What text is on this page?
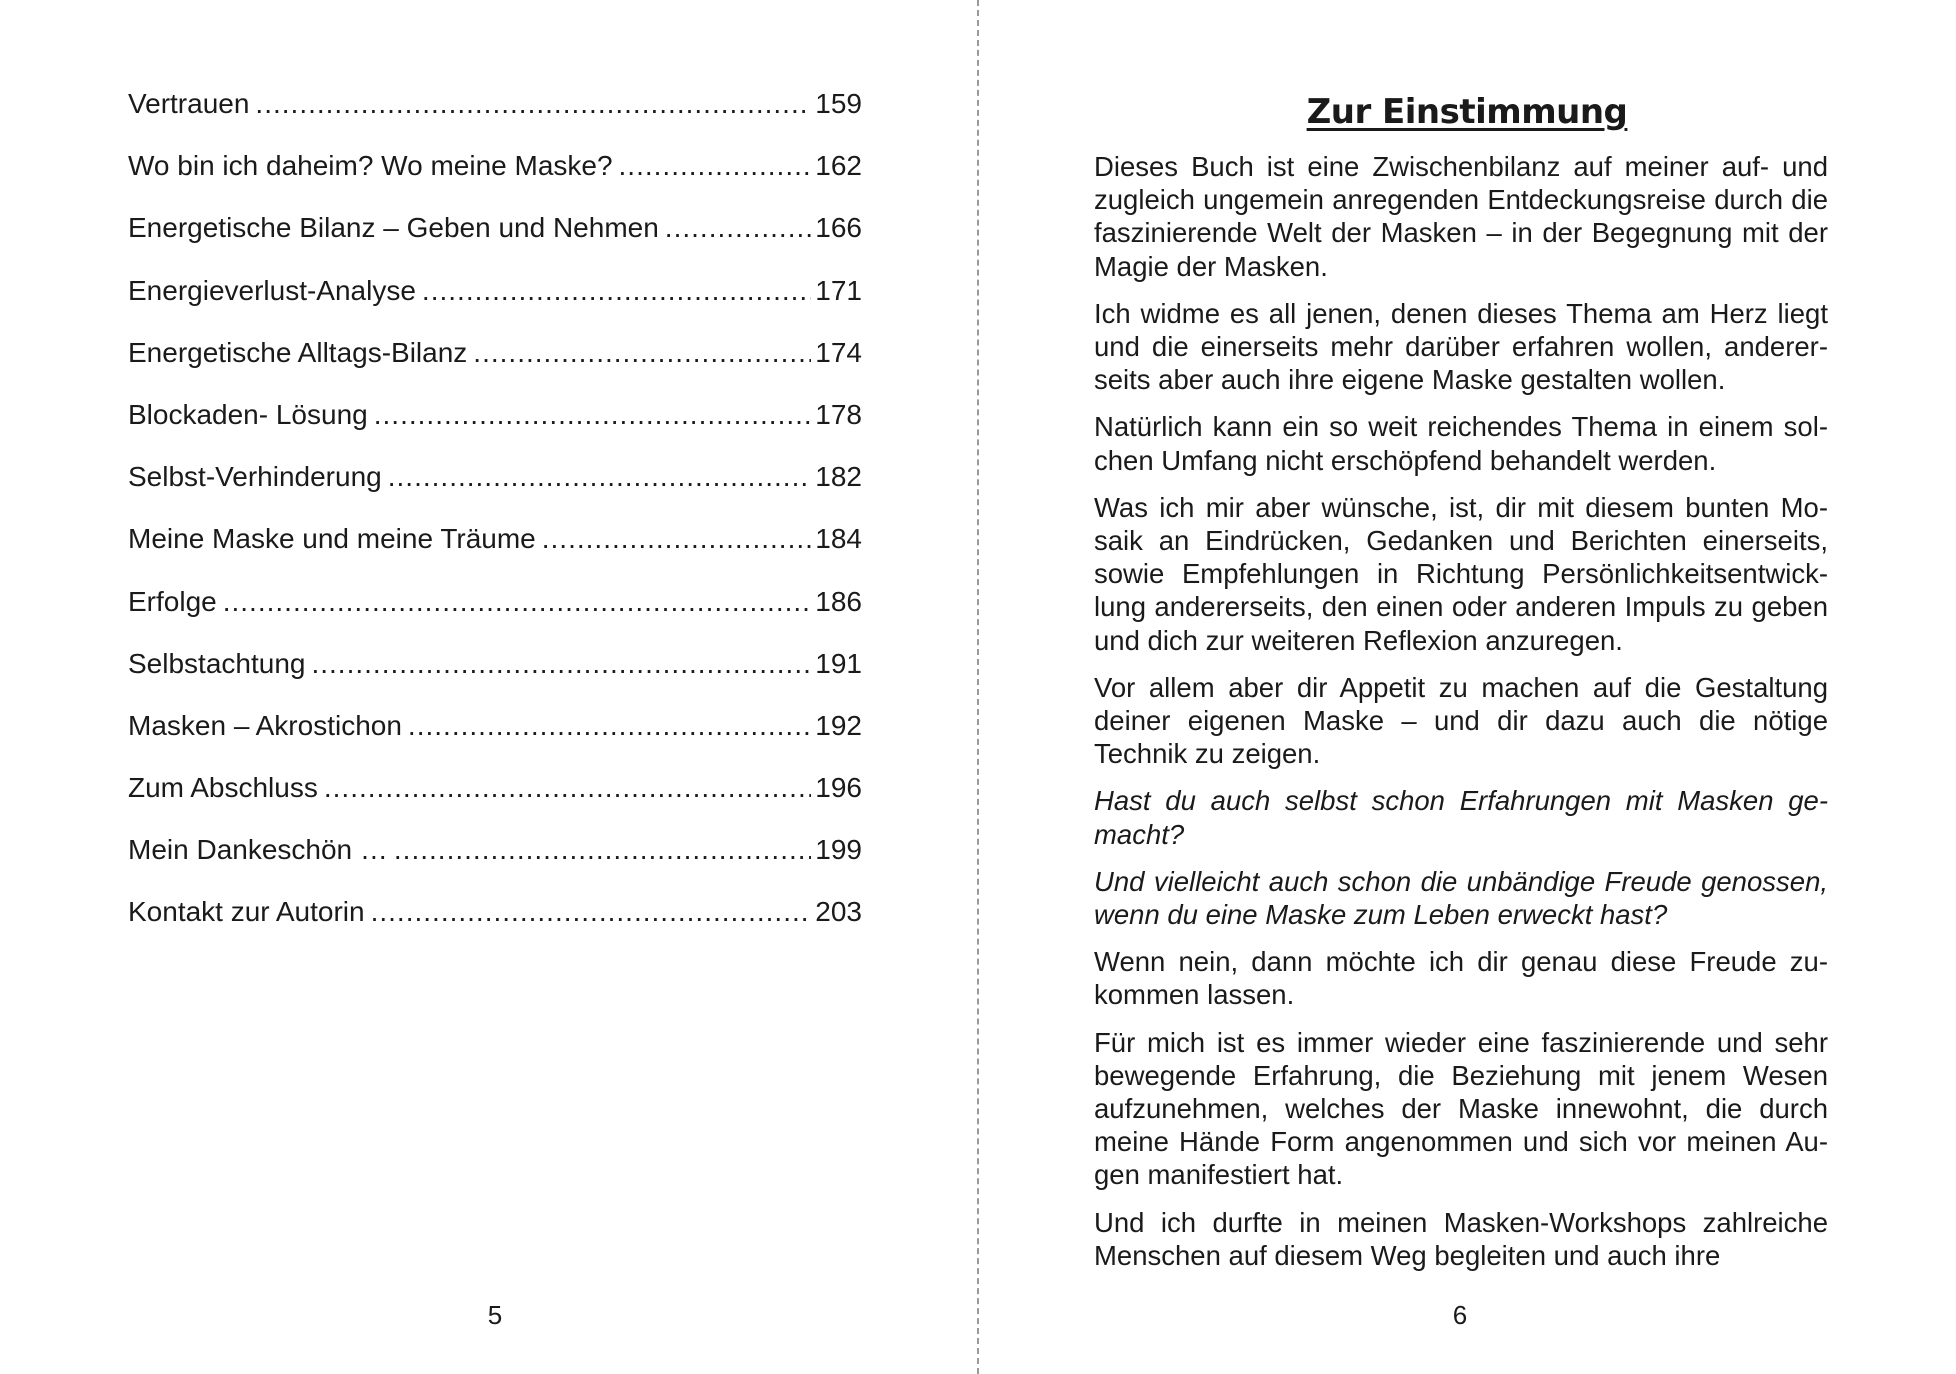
Vertrauen .....	159
Wo bin ich daheim? Wo meine Maske? .....	162
Energetische Bilanz – Geben und Nehmen .....	166
Energieverlust-Analyse .....	171
Energetische Alltags-Bilanz .....	174
Blockaden- Lösung .....	178
Selbst-Verhinderung .....	182
Meine Maske und meine Träume .....	184
Erfolge .....	186
Selbstachtung .....	191
Masken – Akrostichon .....	192
Zum Abschluss .....	196
Mein Dankeschön … .....	199
Kontakt zur Autorin .....	203
5
Zur Einstimmung

Dieses Buch ist eine Zwischenbilanz auf meiner auf- und zugleich ungemein anregenden Entdeckungsreise durch die faszinierende Welt der Masken – in der Begegnung mit der Magie der Masken.

Ich widme es all jenen, denen dieses Thema am Herz liegt und die einerseits mehr darüber erfahren wollen, andererseits aber auch ihre eigene Maske gestalten wollen.

Natürlich kann ein so weit reichendes Thema in einem solchen Umfang nicht erschöpfend behandelt werden.

Was ich mir aber wünsche, ist, dir mit diesem bunten Mosaik an Eindrücken, Gedanken und Berichten einerseits, sowie Empfehlungen in Richtung Persönlichkeitsentwicklung andererseits, den einen oder anderen Impuls zu geben und dich zur weiteren Reflexion anzuregen.

Vor allem aber dir Appetit zu machen auf die Gestaltung deiner eigenen Maske – und dir dazu auch die nötige Technik zu zeigen.

Hast du auch selbst schon Erfahrungen mit Masken gemacht?

Und vielleicht auch schon die unbändige Freude genossen, wenn du eine Maske zum Leben erweckt hast?

Wenn nein, dann möchte ich dir genau diese Freude zukommen lassen.

Für mich ist es immer wieder eine faszinierende und sehr bewegende Erfahrung, die Beziehung mit jenem Wesen aufzunehmen, welches der Maske innewohnt, die durch meine Hände Form angenommen und sich vor meinen Augen manifestiert hat.

Und ich durfte in meinen Masken-Workshops zahlreiche Menschen auf diesem Weg begleiten und auch ihre

6
